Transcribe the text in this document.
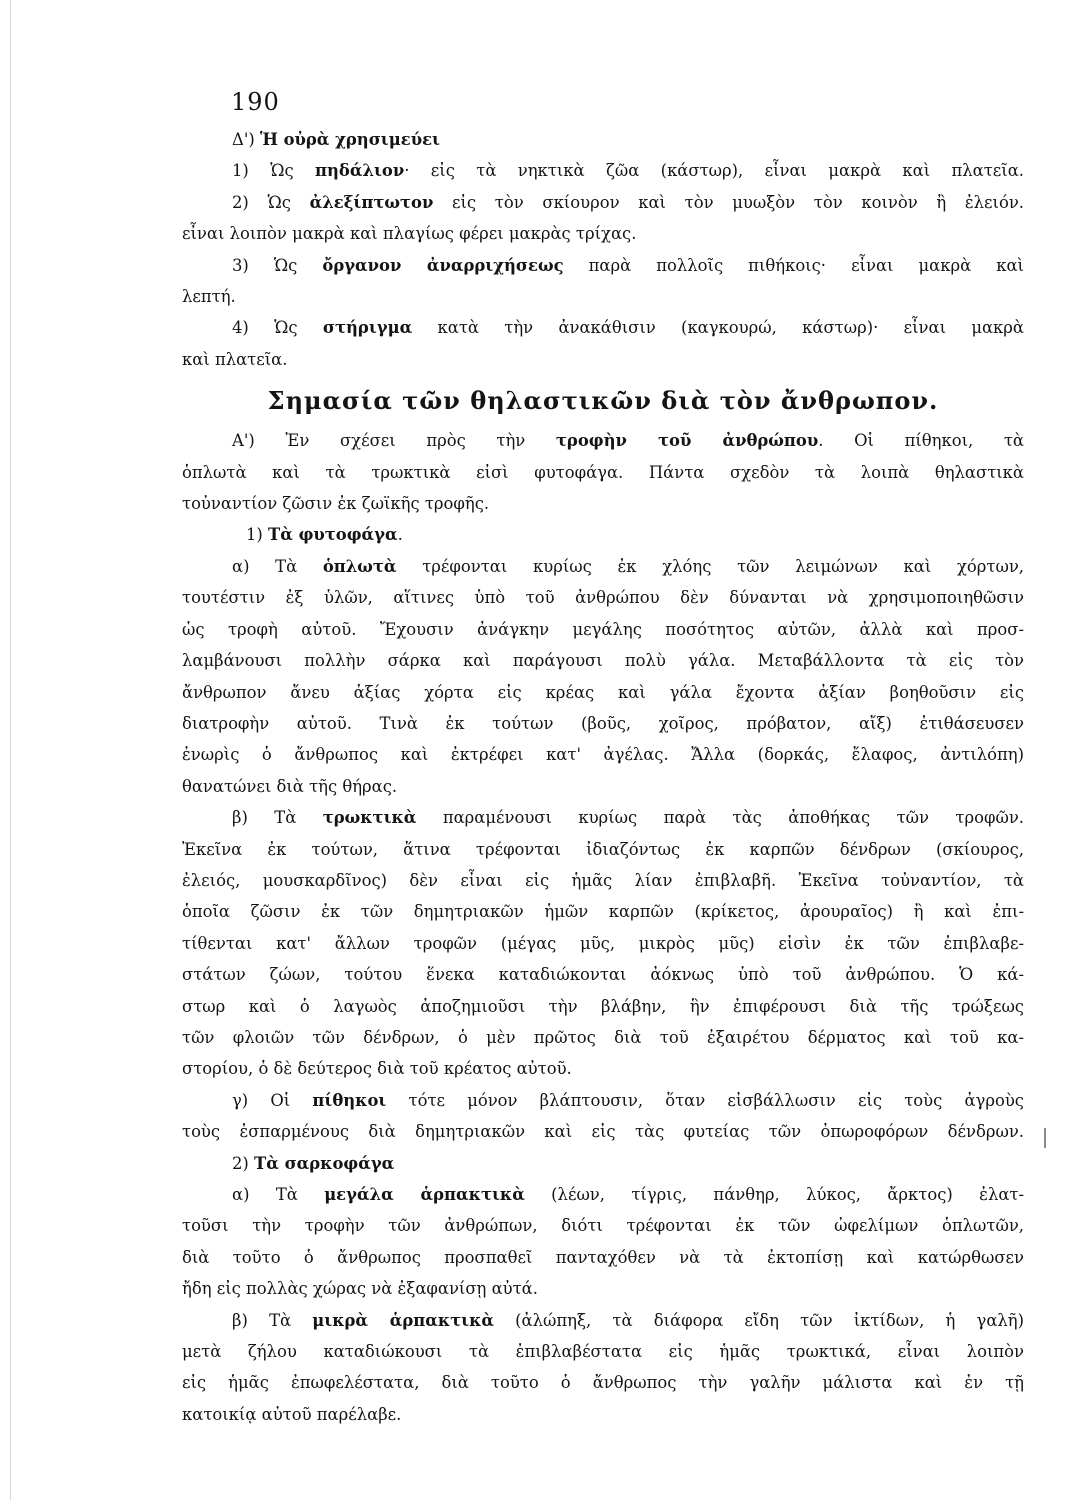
190

Δ') Ἡ οὐρὰ χρησιμεύει

1) Ὡς πηδάλιον· εἰς τὰ νηκτικὰ ζῶα (κάστωρ), εἶναι μακρὰ καὶ πλατεῖα.

2) Ὡς ἀλεξίπτωτον εἰς τὸν σκίουρον καὶ τὸν μυωξὸν τὸν κοινὸν ἢ ἐλειόν.

εἶναι λοιπὸν μακρὰ καὶ πλαγίως φέρει μακρὰς τρίχας.

3) Ὡς ὄργανον ἀναρριχήσεως παρὰ πολλοῖς πιθήκοις· εἶναι μακρὰ καὶ

λεπτή.

4) Ὡς στήριγμα κατὰ τὴν ἀνακάθισιν (καγκουρώ, κάστωρ)· εἶναι μακρὰ

καὶ πλατεῖα.

Σημασία τῶν θηλαστικῶν διὰ τὸν ἄνθρωπον.

Α') Ἐν σχέσει πρὸς τὴν τροφὴν τοῦ ἀνθρώπου. Οἱ πίθηκοι, τὰ

ὁπλωτὰ καὶ τὰ τρωκτικὰ εἰσὶ φυτοφάγα. Πάντα σχεδὸν τὰ λοιπὰ θηλαστικὰ

τοὐναντίον ζῶσιν ἐκ ζωϊκῆς τροφῆς.

1) Τὰ φυτοφάγα.

α) Τὰ ὁπλωτὰ τρέφονται κυρίως ἐκ χλόης τῶν λειμώνων καὶ χόρτων,

τουτέστιν ἐξ ὑλῶν, αἵτινες ὑπὸ τοῦ ἀνθρώπου δὲν δύνανται νὰ χρησιμοποιηθῶσιν

ὡς τροφὴ αὐτοῦ. Ἔχουσιν ἀνάγκην μεγάλης ποσότητος αὐτῶν, ἀλλὰ καὶ προσ-

λαμβάνουσι πολλὴν σάρκα καὶ παράγουσι πολὺ γάλα. Μεταβάλλοντα τὰ εἰς τὸν

ἄνθρωπον ἄνευ ἀξίας χόρτα εἰς κρέας καὶ γάλα ἔχοντα ἀξίαν βοηθοῦσιν εἰς

διατροφὴν αὐτοῦ. Τινὰ ἐκ τούτων (βοῦς, χοῖρος, πρόβατον, αἴξ) ἐτιθάσευσεν

ἐνωρὶς ὁ ἄνθρωπος καὶ ἐκτρέφει κατ' ἀγέλας. Ἄλλα (δορκάς, ἔλαφος, ἀντιλόπη)

θανατώνει διὰ τῆς θήρας.

β) Τὰ τρωκτικὰ παραμένουσι κυρίως παρὰ τὰς ἀποθήκας τῶν τροφῶν.

Ἐκεῖνα ἐκ τούτων, ἅτινα τρέφονται ἰδιαζόντως ἐκ καρπῶν δένδρων (σκίουρος,

ἐλειός, μουσκαρδῖνος) δὲν εἶναι εἰς ἡμᾶς λίαν ἐπιβλαβῆ. Ἐκεῖνα τοὐναντίον, τὰ

ὁποῖα ζῶσιν ἐκ τῶν δημητριακῶν ἡμῶν καρπῶν (κρίκετος, ἀρουραῖος) ἢ καὶ ἐπι-

τίθενται κατ' ἄλλων τροφῶν (μέγας μῦς, μικρὸς μῦς) εἰσὶν ἐκ τῶν ἐπιβλαβε-

στάτων ζώων, τούτου ἕνεκα καταδιώκονται ἀόκνως ὑπὸ τοῦ ἀνθρώπου. Ὁ κά-

στωρ καὶ ὁ λαγωὸς ἀποζημιοῦσι τὴν βλάβην, ἣν ἐπιφέρουσι διὰ τῆς τρώξεως

τῶν φλοιῶν τῶν δένδρων, ὁ μὲν πρῶτος διὰ τοῦ ἐξαιρέτου δέρματος καὶ τοῦ κα-

στορίου, ὁ δὲ δεύτερος διὰ τοῦ κρέατος αὐτοῦ.

γ) Οἱ πίθηκοι τότε μόνον βλάπτουσιν, ὅταν εἰσβάλλωσιν εἰς τοὺς ἀγροὺς

τοὺς ἐσπαρμένους διὰ δημητριακῶν καὶ εἰς τὰς φυτείας τῶν ὀπωροφόρων δένδρων.

2) Τὰ σαρκοφάγα

α) Τὰ μεγάλα ἁρπακτικὰ (λέων, τίγρις, πάνθηρ, λύκος, ἄρκτος) ἐλατ-

τοῦσι τὴν τροφὴν τῶν ἀνθρώπων, διότι τρέφονται ἐκ τῶν ὠφελίμων ὁπλωτῶν,

διὰ τοῦτο ὁ ἄνθρωπος προσπαθεῖ πανταχόθεν νὰ τὰ ἐκτοπίσῃ καὶ κατώρθωσεν

ἤδη εἰς πολλὰς χώρας νὰ ἐξαφανίσῃ αὐτά.

β) Τὰ μικρὰ ἁρπακτικὰ (ἀλώπηξ, τὰ διάφορα εἴδη τῶν ἰκτίδων, ἡ γαλῆ)

μετὰ ζήλου καταδιώκουσι τὰ ἐπιβλαβέστατα εἰς ἡμᾶς τρωκτικά, εἶναι λοιπὸν

εἰς ἡμᾶς ἐπωφελέστατα, διὰ τοῦτο ὁ ἄνθρωπος τὴν γαλῆν μάλιστα καὶ ἐν τῇ

κατοικίᾳ αὐτοῦ παρέλαβε.
